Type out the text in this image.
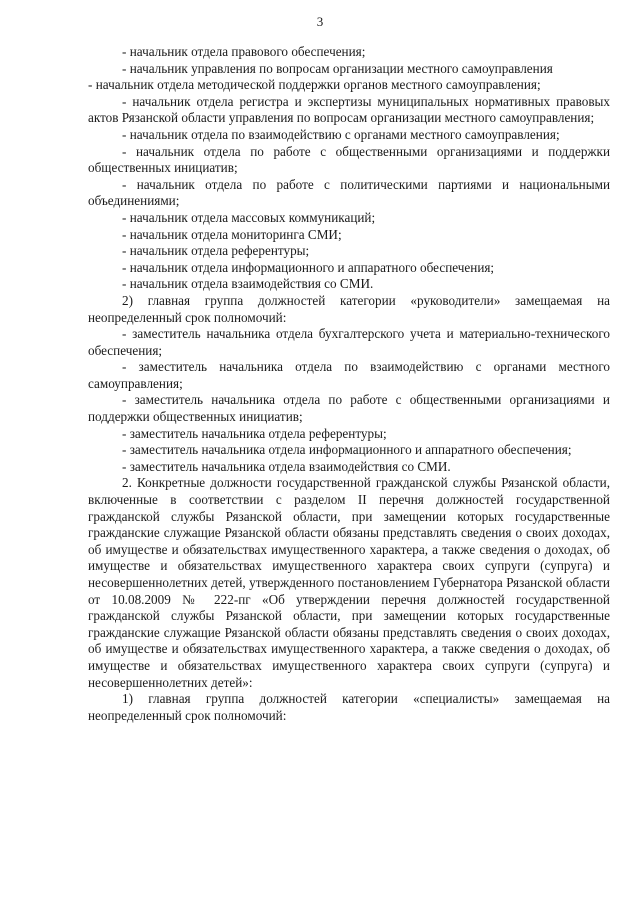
3

- начальник отдела правового обеспечения;

- начальник управления по вопросам организации местного самоуправления

- начальник отдела методической поддержки органов местного самоуправления;

- начальник отдела регистра и экспертизы муниципальных нормативных правовых актов Рязанской области управления по вопросам организации местного самоуправления;

- начальник отдела по взаимодействию с органами местного самоуправления;

- начальник отдела по работе с общественными организациями и поддержки общественных инициатив;

- начальник отдела по работе с политическими партиями и национальными объединениями;

- начальник отдела массовых коммуникаций;

- начальник отдела мониторинга СМИ;

- начальник отдела референтуры;

- начальник отдела информационного и аппаратного обеспечения;

- начальник отдела взаимодействия со СМИ.

2) главная группа должностей категории «руководители» замещаемая на неопределенный срок полномочий:

- заместитель начальника отдела бухгалтерского учета и материально-технического обеспечения;

- заместитель начальника отдела по взаимодействию с органами местного самоуправления;

- заместитель начальника отдела по работе с общественными организациями и поддержки общественных инициатив;

- заместитель начальника отдела референтуры;

- заместитель начальника отдела информационного и аппаратного обеспечения;

- заместитель начальника отдела взаимодействия со СМИ.

2. Конкретные должности государственной гражданской службы Рязанской области, включенные в соответствии с разделом II перечня должностей государственной гражданской службы Рязанской области, при замещении которых государственные гражданские служащие Рязанской области обязаны представлять сведения о своих доходах, об имуществе и обязательствах имущественного характера, а также сведения о доходах, об имуществе и обязательствах имущественного характера своих супруги (супруга) и несовершеннолетних детей, утвержденного постановлением Губернатора Рязанской области от 10.08.2009 № 222-пг «Об утверждении перечня должностей государственной гражданской службы Рязанской области, при замещении которых государственные гражданские служащие Рязанской области обязаны представлять сведения о своих доходах, об имуществе и обязательствах имущественного характера, а также сведения о доходах, об имуществе и обязательствах имущественного характера своих супруги (супруга) и несовершеннолетних детей»:

1) главная группа должностей категории «специалисты» замещаемая на неопределенный срок полномочий:
